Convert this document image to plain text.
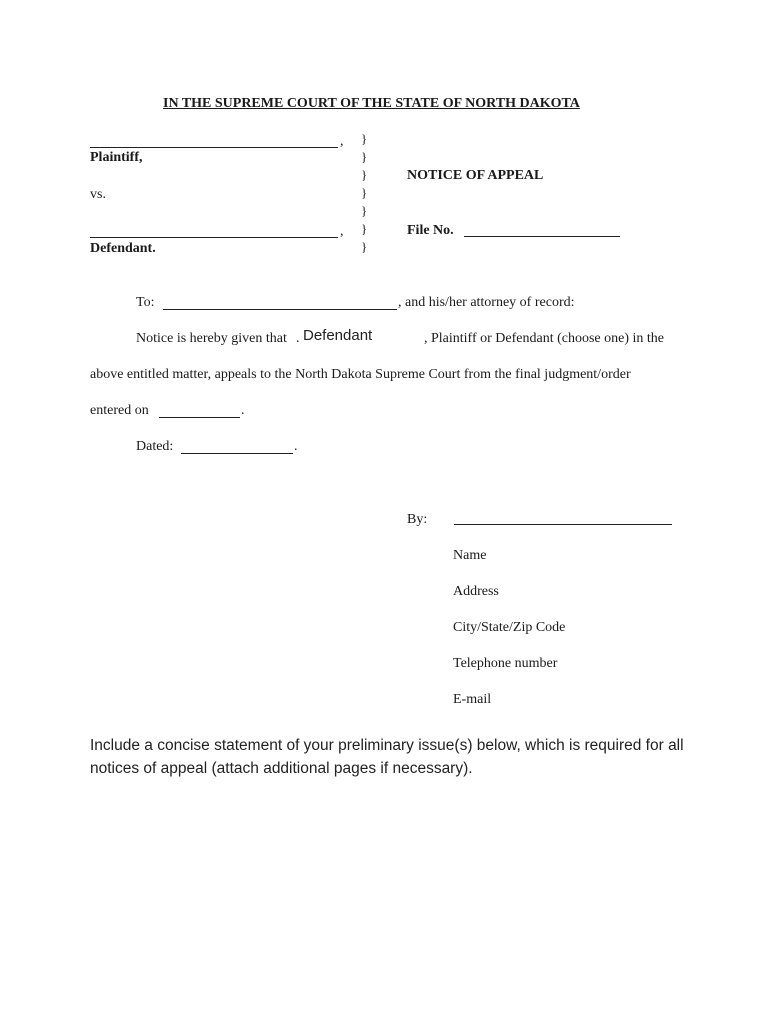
IN THE SUPREME COURT OF THE STATE OF NORTH DAKOTA
,
Plaintiff,
vs.
,
Defendant.
}
}
}
}
}
}
}
NOTICE OF APPEAL
File No.
To:	, and his/her attorney of record:
Notice is hereby given that . Defendant	, Plaintiff or Defendant (choose one) in the
above entitled matter, appeals to the North Dakota Supreme Court from the final judgment/order
entered on	.
Dated:	.
By:
Name
Address
City/State/Zip Code
Telephone number
E-mail
Include a concise statement of your preliminary issue(s) below, which is required for all notices of appeal (attach additional pages if necessary).
